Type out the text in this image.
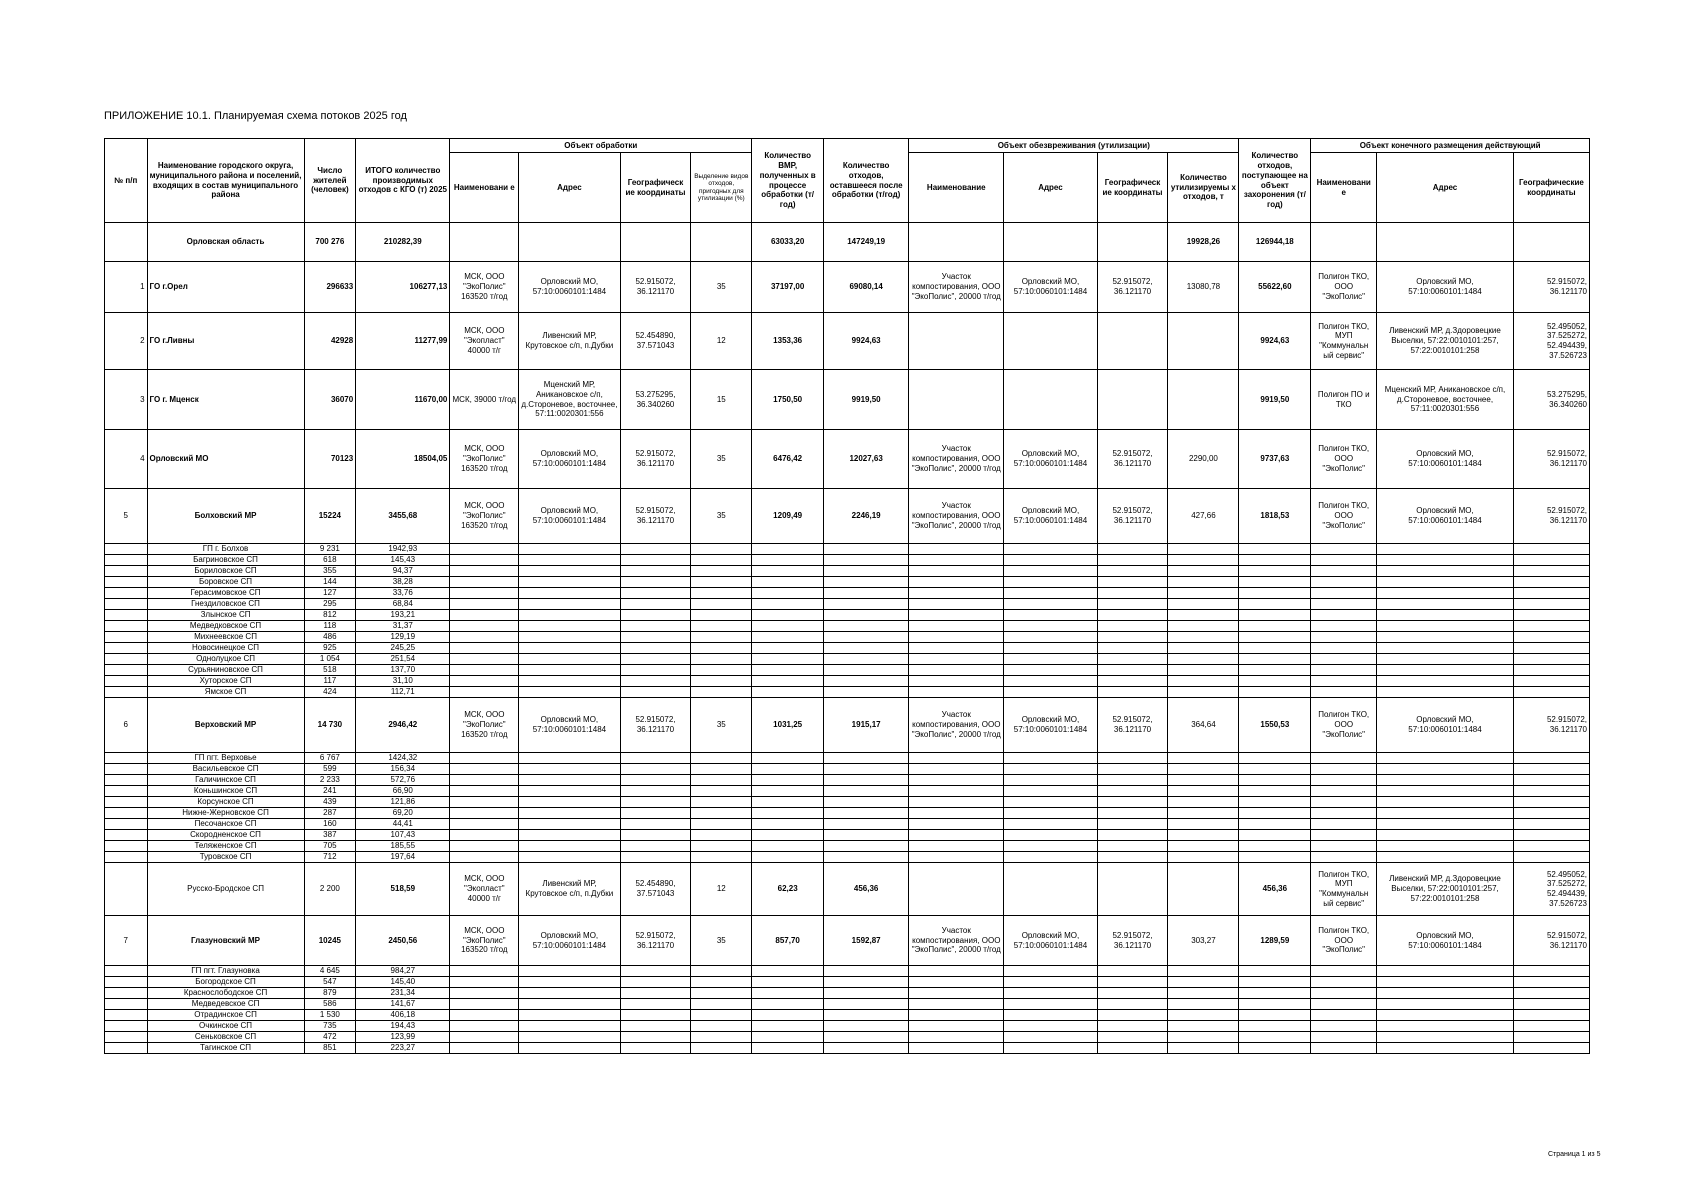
ПРИЛОЖЕНИЕ 10.1. Планируемая схема потоков 2025 год
№ п/п	Наименование городского округа, муниципального района и поселений, входящих в состав муниципального района	Число жителей (человек)	ИТОГО количество производимых отходов с КГО (т) 2025	Объект обработки				Количество ВМР, полученных в процессе обработки (т/год)	Количество отходов, оставшееся после обработки (т/год)	Объект обезвреживания (утилизации)				Количество отходов, поступающее на объект захоронения (т/год)	Объект конечного размещения действующий		
				Наименовани е	Адрес	Географическ ие координаты	Выделение видов отходов, пригодных для утилизации (%)			Наименование	Адрес	Географическ ие координаты	Количество утилизируемы х отходов, т		Наименовани е	Адрес	Географические координаты
	Орловская область	700 276	210282,39					63033,20	147249,19				19928,26	126944,18			
1	ГО г.Орел	296633	106277,13	МСК, ООО "ЭкоПолис" 163520 т/год	Орловский МО, 57:10:0060101:1484	52.915072, 36.121170	35	37197,00	69080,14	Участок компостирования, ООО "ЭкоПолис", 20000 т/год	Орловский МО, 57:10:0060101:1484	52.915072, 36.121170	13080,78	55622,60	Полигон ТКО, ООО "ЭкоПолис"	Орловский МО, 57:10:0060101:1484	52.915072, 36.121170
2	ГО г.Ливны	42928	11277,99	МСК, ООО "Экопласт" 40000 т/г	Ливенский МР, Крутовское с/п, п.Дубки	52.454890, 37.571043	12	1353,36	9924,63					9924,63	Полигон ТКО, МУП "Коммунальн ый сервис"	Ливенский МР, д.Здоровецкие Выселки, 57:22:0010101:257, 57:22:0010101:258	52.495052, 37.525272, 52.494439, 37.526723
3	ГО г. Мценск	36070	11670,00	МСК, 39000 т/год	Мценский МР, Аникановское с/п, д.Стороневое, восточнее, 57:11:0020301:556	53.275295, 36.340260	15	1750,50	9919,50					9919,50	Полигон ПО и ТКО	Мценский МР, Аникановское с/п, д.Стороневое, восточнее, 57:11:0020301:556	53.275295, 36.340260
4	Орловский МО	70123	18504,05	МСК, ООО "ЭкоПолис" 163520 т/год	Орловский МО, 57:10:0060101:1484	52.915072, 36.121170	35	6476,42	12027,63	Участок компостирования, ООО "ЭкоПолис", 20000 т/год	Орловский МО, 57:10:0060101:1484	52.915072, 36.121170	2290,00	9737,63	Полигон ТКО, ООО "ЭкоПолис"	Орловский МО, 57:10:0060101:1484	52.915072, 36.121170
5	Болховский МР	15224	3455,68	МСК, ООО "ЭкоПолис" 163520 т/год	Орловский МО, 57:10:0060101:1484	52.915072, 36.121170	35	1209,49	2246,19	Участок компостирования, ООО "ЭкоПолис", 20000 т/год	Орловский МО, 57:10:0060101:1484	52.915072, 36.121170	427,66	1818,53	Полигон ТКО, ООО "ЭкоПолис"	Орловский МО, 57:10:0060101:1484	52.915072, 36.121170
	ГП г. Болхов	9 231	1942,93														
	Багриновское СП	618	145,43														
	Бориловское СП	355	94,37														
	Боровское СП	144	38,28														
	Герасимовское СП	127	33,76														
	Гнездиловское СП	295	68,84														
	Злынское СП	812	193,21														
	Медведковское СП	118	31,37														
	Михнеевское СП	486	129,19														
	Новосинецкое СП	925	245,25														
	Однолуцкое СП	1 054	251,54														
	Сурьяниновское СП	518	137,70														
	Хуторское СП	117	31,10														
	Ямское СП	424	112,71														
6	Верховский МР	14 730	2946,42	МСК, ООО "ЭкоПолис" 163520 т/год	Орловский МО, 57:10:0060101:1484	52.915072, 36.121170	35	1031,25	1915,17	Участок компостирования, ООО "ЭкоПолис", 20000 т/год	Орловский МО, 57:10:0060101:1484	52.915072, 36.121170	364,64	1550,53	Полигон ТКО, ООО "ЭкоПолис"	Орловский МО, 57:10:0060101:1484	52.915072, 36.121170
	ГП пгт. Верховье	6 767	1424,32														
	Васильевское СП	599	156,34														
	Галичинское СП	2 233	572,76														
	Коньшинское СП	241	66,90														
	Корсунское СП	439	121,86														
	Нижне-Жерновское СП	287	69,20														
	Песочанское СП	160	44,41														
	Скородненское СП	387	107,43														
	Теляженское СП	705	185,55														
	Туровское СП	712	197,64														
	Русско-Бродское СП	2 200	518,59	МСК, ООО "Экопласт" 40000 т/г	Ливенский МР, Крутовское с/п, п.Дубки	52.454890, 37.571043	12	62,23	456,36					456,36	Полигон ТКО, МУП "Коммунальн ый сервис"	Ливенский МР, д.Здоровецкие Выселки, 57:22:0010101:257, 57:22:0010101:258	52.495052, 37.525272, 52.494439, 37.526723
7	Глазуновский МР	10245	2450,56	МСК, ООО "ЭкоПолис" 163520 т/год	Орловский МО, 57:10:0060101:1484	52.915072, 36.121170	35	857,70	1592,87	Участок компостирования, ООО "ЭкоПолис", 20000 т/год	Орловский МО, 57:10:0060101:1484	52.915072, 36.121170	303,27	1289,59	Полигон ТКО, ООО "ЭкоПолис"	Орловский МО, 57:10:0060101:1484	52.915072, 36.121170
	ГП пгт. Глазуновка	4 645	984,27														
	Богородское СП	547	145,40														
	Краснослободское СП	879	231,34														
	Медведевское СП	586	141,67														
	Отрадинское СП	1 530	406,18														
	Очкинское СП	735	194,43														
	Сеньковское СП	472	123,99														
	Тагинское СП	851	223,27														
Страница 1 из 5
